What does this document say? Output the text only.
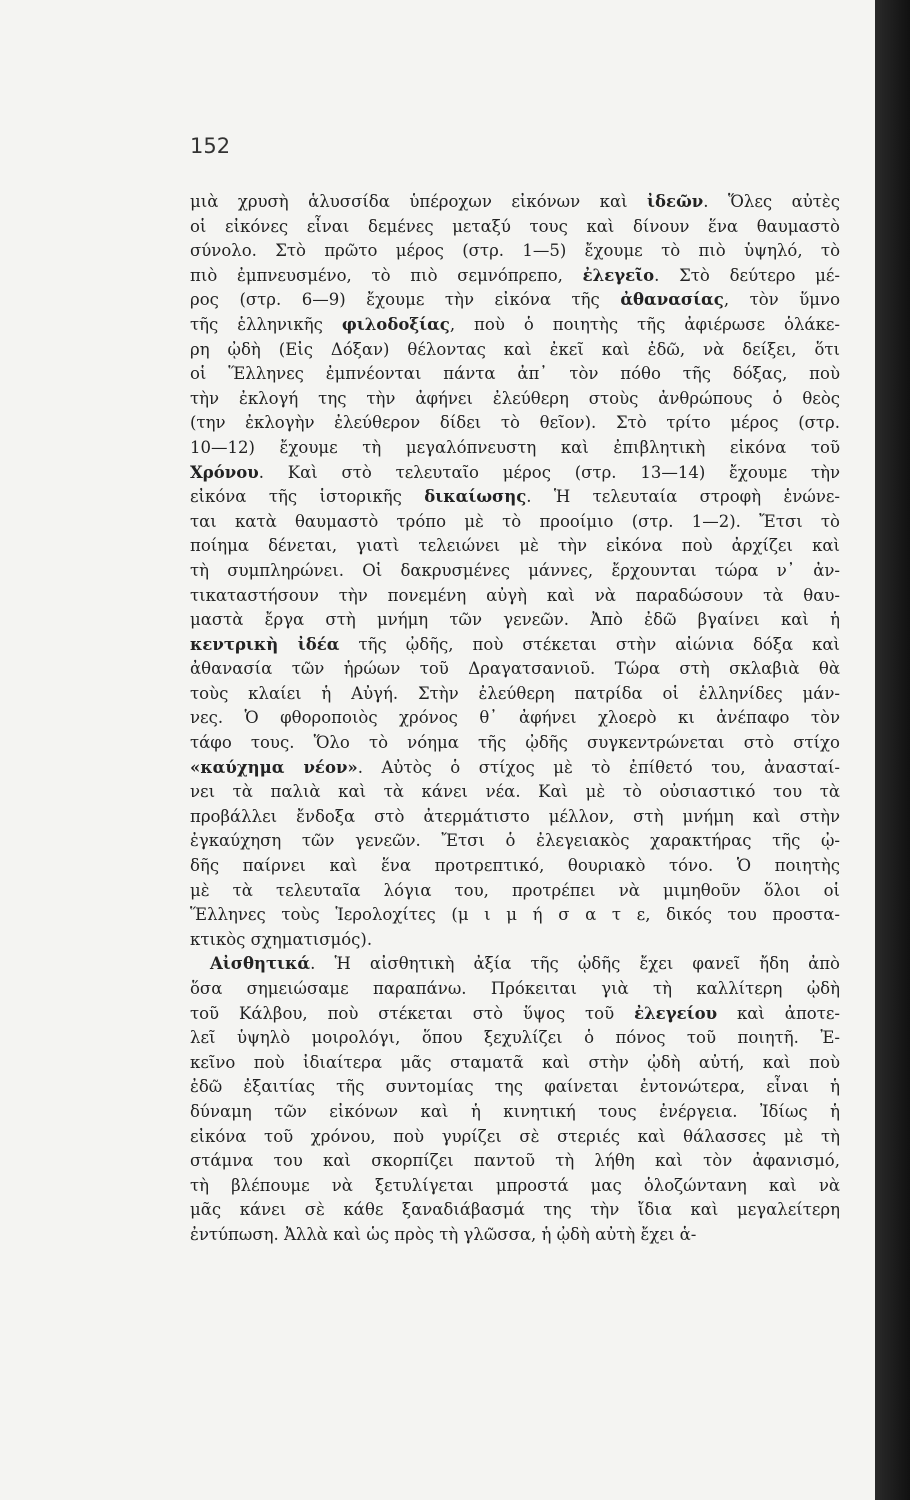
152
μιὰ χρυσὴ ἁλυσσίδα ὑπέροχων εἰκόνων καὶ ἰδεῶν. Ὅλες αὐτὲς
οἱ εἰκόνες εἶναι δεμένες μεταξύ τους καὶ δίνουν ἕνα θαυμαστὸ
σύνολο. Στὸ πρῶτο μέρος (στρ. 1—5) ἔχουμε τὸ πιὸ ὑψηλό, τὸ
πιὸ ἐμπνευσμένο, τὸ πιὸ σεμνόπρεπο, ἐλεγεῖο. Στὸ δεύτερο μέ-
ρος (στρ. 6—9) ἔχουμε τὴν εἰκόνα τῆς ἀθανασίας, τὸν ὕμνο
τῆς ἑλληνικῆς φιλοδοξίας, ποὺ ὁ ποιητὴς τῆς ἀφιέρωσε ὁλάκε-
ρη ᾠδὴ (Εἰς Δόξαν) θέλοντας καὶ ἐκεῖ καὶ ἐδῶ, νὰ δείξει, ὅτι
οἱ Ἕλληνες ἐμπνέονται πάντα ἀπ᾽ τὸν πόθο τῆς δόξας, ποὺ
τὴν ἐκλογή της τὴν ἀφήνει ἐλεύθερη στοὺς ἀνθρώπους ὁ θεὸς
(την ἐκλογὴν ἐλεύθερον δίδει τὸ θεῖον). Στὸ τρίτο μέρος (στρ.
10—12) ἔχουμε τὴ μεγαλόπνευστη καὶ ἐπιβλητικὴ εἰκόνα τοῦ
Χρόνου. Καὶ στὸ τελευταῖο μέρος (στρ. 13—14) ἔχουμε τὴν
εἰκόνα τῆς ἱστορικῆς δικαίωσης. Ἡ τελευταία στροφὴ ἑνώνε-
ται κατὰ θαυμαστὸ τρόπο μὲ τὸ προοίμιο (στρ. 1—2). Ἔτσι τὸ
ποίημα δένεται, γιατὶ τελειώνει μὲ τὴν εἰκόνα ποὺ ἀρχίζει καὶ
τὴ συμπληρώνει. Οἱ δακρυσμένες μάννες, ἔρχουνται τώρα ν᾽ ἀν-
τικαταστήσουν τὴν πονεμένη αὐγὴ καὶ νὰ παραδώσουν τὰ θαυ-
μαστὰ ἔργα στὴ μνήμη τῶν γενεῶν. Ἀπὸ ἐδῶ βγαίνει καὶ ἡ
κεντρικὴ ἰδέα τῆς ᾠδῆς, ποὺ στέκεται στὴν αἰώνια δόξα καὶ
ἀθανασία τῶν ἡρώων τοῦ Δραγατσανιοῦ. Τώρα στὴ σκλαβιὰ θὰ
τοὺς κλαίει ἡ Αὐγή. Στὴν ἐλεύθερη πατρίδα οἱ ἑλληνίδες μάν-
νες. Ὁ φθοροποιὸς χρόνος θ᾽ ἀφήνει χλοερὸ κι ἀνέπαφο τὸν
τάφο τους. Ὅλο τὸ νόημα τῆς ᾠδῆς συγκεντρώνεται στὸ στίχο
«καύχημα νέον». Αὐτὸς ὁ στίχος μὲ τὸ ἐπίθετό του, ἀνασταί-
νει τὰ παλιὰ καὶ τὰ κάνει νέα. Καὶ μὲ τὸ οὐσιαστικό του τὰ
προβάλλει ἔνδοξα στὸ ἀτερμάτιστο μέλλον, στὴ μνήμη καὶ στὴν
ἐγκαύχηση τῶν γενεῶν. Ἔτσι ὁ ἐλεγειακὸς χαρακτήρας τῆς ᾠ-
δῆς παίρνει καὶ ἕνα προτρεπτικό, θουριακὸ τόνο. Ὁ ποιητὴς
μὲ τὰ τελευταῖα λόγια του, προτρέπει νὰ μιμηθοῦν ὅλοι οἱ
Ἕλληνες τοὺς Ἱερολοχίτες (μ ι μ ή σ α τ ε, δικός του προστα-
κτικὸς σχηματισμός).
Αἰσθητικά. Ἡ αἰσθητικὴ ἀξία τῆς ᾠδῆς ἔχει φανεῖ ἤδη ἀπὸ
ὅσα σημειώσαμε παραπάνω. Πρόκειται γιὰ τὴ καλλίτερη ᾠδὴ
τοῦ Κάλβου, ποὺ στέκεται στὸ ὕψος τοῦ ἐλεγείου καὶ ἀποτε-
λεῖ ὑψηλὸ μοιρολόγι, ὅπου ξεχυλίζει ὁ πόνος τοῦ ποιητῆ. Ἐ-
κεῖνο ποὺ ἰδιαίτερα μᾶς σταματᾶ καὶ στὴν ᾠδὴ αὐτή, καὶ ποὺ
ἐδῶ ἐξαιτίας τῆς συντομίας της φαίνεται ἐντονώτερα, εἶναι ἡ
δύναμη τῶν εἰκόνων καὶ ἡ κινητική τους ἐνέργεια. Ἰδίως ἡ
εἰκόνα τοῦ χρόνου, ποὺ γυρίζει σὲ στεριές καὶ θάλασσες μὲ τὴ
στάμνα του καὶ σκορπίζει παντοῦ τὴ λήθη καὶ τὸν ἀφανισμό,
τὴ βλέπουμε νὰ ξετυλίγεται μπροστά μας ὁλοζώντανη καὶ νὰ
μᾶς κάνει σὲ κάθε ξαναδιάβασμά της τὴν ἴδια καὶ μεγαλείτερη
ἐντύπωση. Ἀλλὰ καὶ ὡς πρὸς τὴ γλῶσσα, ἡ ᾠδὴ αὐτὴ ἔχει ἁ-
